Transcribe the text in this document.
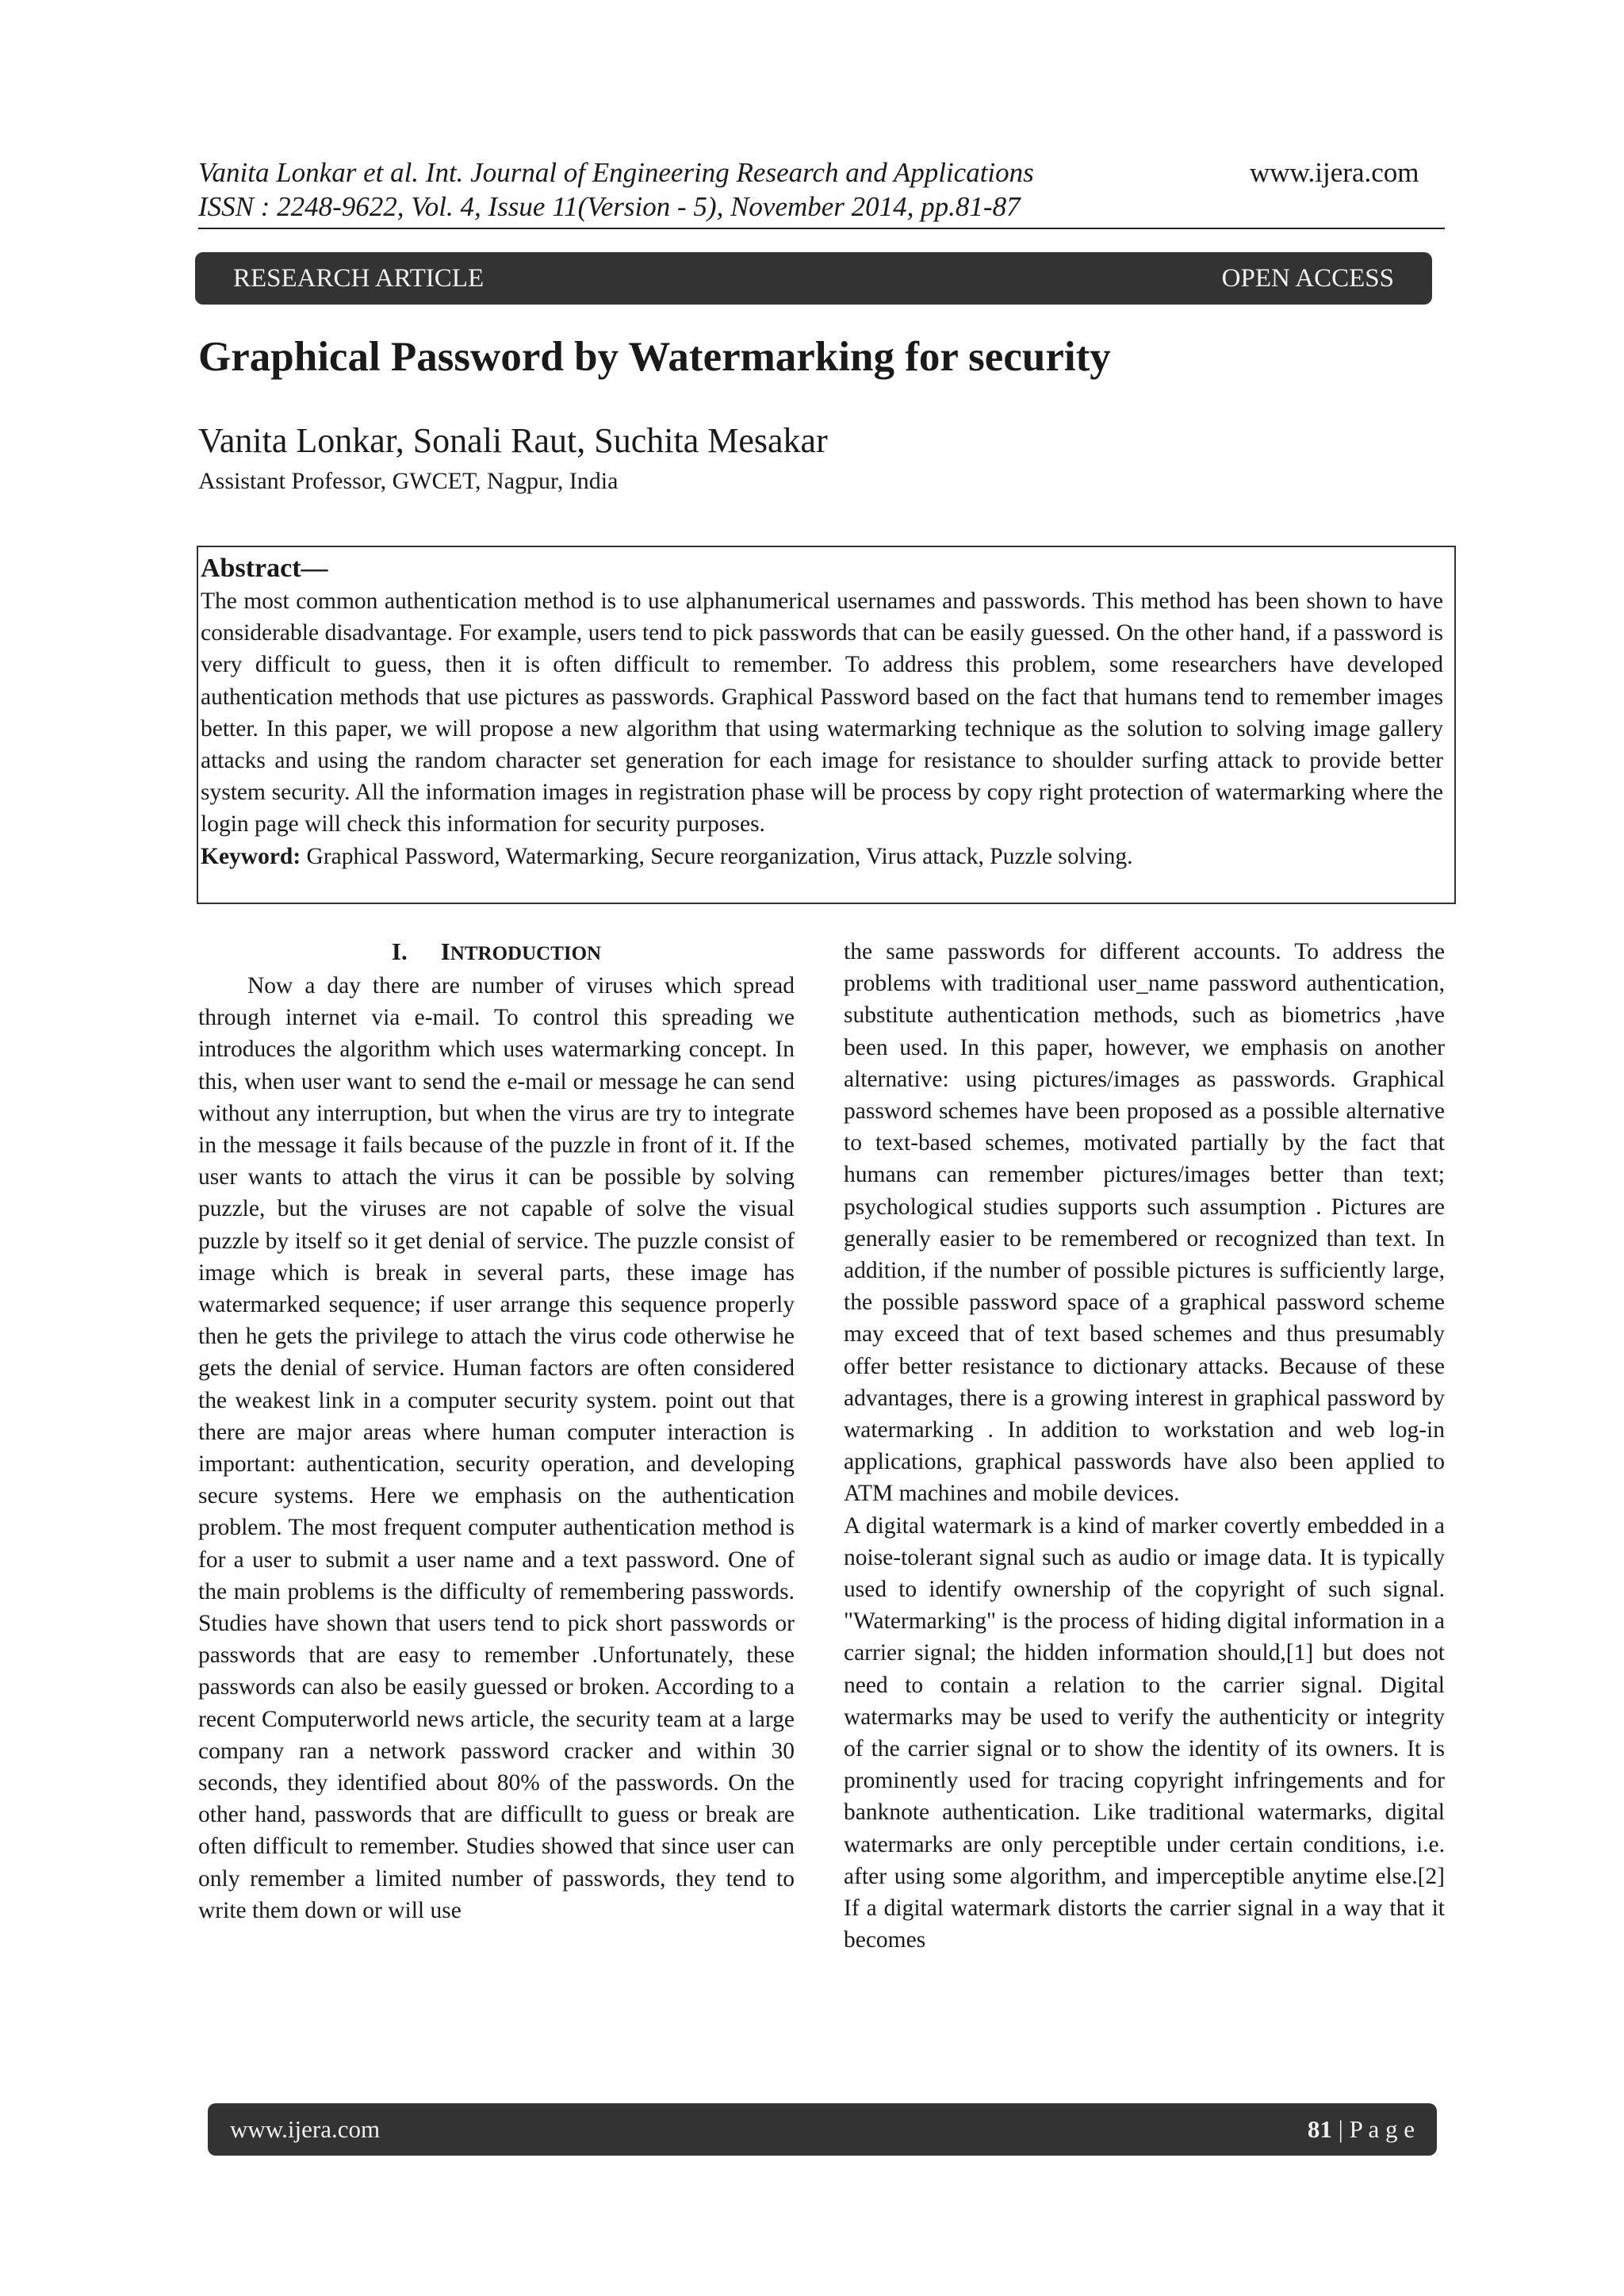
Vanita Lonkar et al. Int. Journal of Engineering Research and Applications
ISSN : 2248-9622, Vol. 4, Issue 11(Version - 5), November 2014, pp.81-87
www.ijera.com
RESEARCH ARTICLE	OPEN ACCESS
Graphical Password by Watermarking for security
Vanita Lonkar, Sonali Raut, Suchita Mesakar
Assistant Professor, GWCET, Nagpur, India
Abstract—
The most common authentication method is to use alphanumerical usernames and passwords. This method has been shown to have considerable disadvantage. For example, users tend to pick passwords that can be easily guessed. On the other hand, if a password is very difficult to guess, then it is often difficult to remember. To address this problem, some researchers have developed authentication methods that use pictures as passwords. Graphical Password based on the fact that humans tend to remember images better. In this paper, we will propose a new algorithm that using watermarking technique as the solution to solving image gallery attacks and using the random character set generation for each image for resistance to shoulder surfing attack to provide better system security. All the information images in registration phase will be process by copy right protection of watermarking where the login page will check this information for security purposes.
Keyword: Graphical Password, Watermarking, Secure reorganization, Virus attack, Puzzle solving.
I. INTRODUCTION

Now a day there are number of viruses which spread through internet via e-mail. To control this spreading we introduces the algorithm which uses watermarking concept. In this, when user want to send the e-mail or message he can send without any interruption, but when the virus are try to integrate in the message it fails because of the puzzle in front of it. If the user wants to attach the virus it can be possible by solving puzzle, but the viruses are not capable of solve the visual puzzle by itself so it get denial of service. The puzzle consist of image which is break in several parts, these image has watermarked sequence; if user arrange this sequence properly then he gets the privilege to attach the virus code otherwise he gets the denial of service. Human factors are often considered the weakest link in a computer security system. point out that there are major areas where human computer interaction is important: authentication, security operation, and developing secure systems. Here we emphasis on the authentication problem. The most frequent computer authentication method is for a user to submit a user name and a text password. One of the main problems is the difficulty of remembering passwords. Studies have shown that users tend to pick short passwords or passwords that are easy to remember .Unfortunately, these passwords can also be easily guessed or broken. According to a recent Computerworld news article, the security team at a large company ran a network password cracker and within 30 seconds, they identified about 80% of the passwords. On the other hand, passwords that are difficullt to guess or break are often difficult to remember. Studies showed that since user can only remember a limited number of passwords, they tend to write them down or will use

the same passwords for different accounts. To address the problems with traditional user_name password authentication, substitute authentication methods, such as biometrics ,have been used. In this paper, however, we emphasis on another alternative: using pictures/images as passwords. Graphical password schemes have been proposed as a possible alternative to text-based schemes, motivated partially by the fact that humans can remember pictures/images better than text; psychological studies supports such assumption . Pictures are generally easier to be remembered or recognized than text. In addition, if the number of possible pictures is sufficiently large, the possible password space of a graphical password scheme may exceed that of text based schemes and thus presumably offer better resistance to dictionary attacks. Because of these advantages, there is a growing interest in graphical password by watermarking . In addition to workstation and web log-in applications, graphical passwords have also been applied to ATM machines and mobile devices.

A digital watermark is a kind of marker covertly embedded in a noise-tolerant signal such as audio or image data. It is typically used to identify ownership of the copyright of such signal. "Watermarking" is the process of hiding digital information in a carrier signal; the hidden information should,[1] but does not need to contain a relation to the carrier signal. Digital watermarks may be used to verify the authenticity or integrity of the carrier signal or to show the identity of its owners. It is prominently used for tracing copyright infringements and for banknote authentication. Like traditional watermarks, digital watermarks are only perceptible under certain conditions, i.e. after using some algorithm, and imperceptible anytime else.[2] If a digital watermark distorts the carrier signal in a way that it becomes

www.ijera.com	81 | P a g e
